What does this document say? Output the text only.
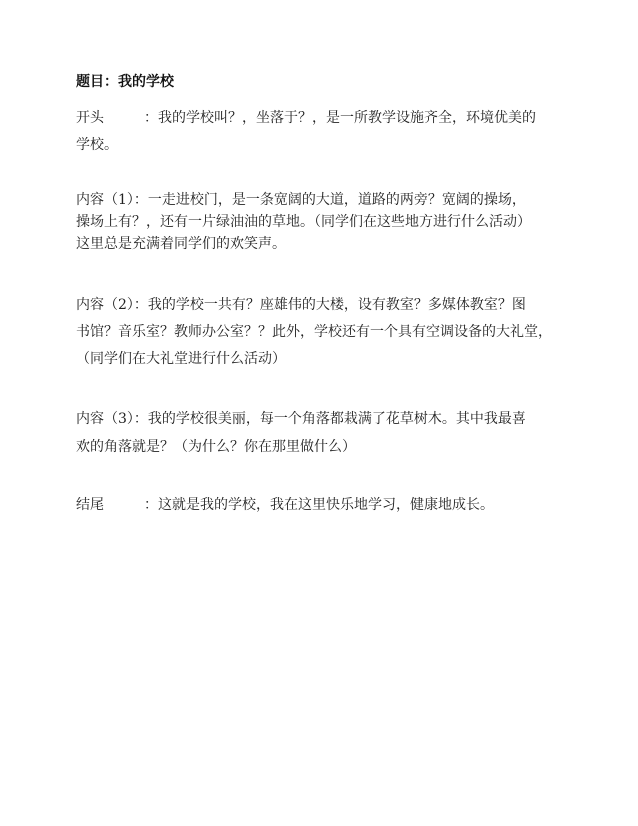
题目：我的学校
开头	：我的学校叫？，坐落于？，是一所教学设施齐全，环境优美的
学校。
内容（1）：一走进校门，是一条宽阔的大道，道路的两旁？宽阔的操场，
操场上有？，还有一片绿油油的草地。（同学们在这些地方进行什么活动）
这里总是充满着同学们的欢笑声。
内容（2）：我的学校一共有？座雄伟的大楼，设有教室？多媒体教室？图
书馆？音乐室？教师办公室？？此外，学校还有一个具有空调设备的大礼堂，
（同学们在大礼堂进行什么活动）
内容（3）：我的学校很美丽，每一个角落都栽满了花草树木。其中我最喜
欢的角落就是？（为什么？你在那里做什么）
结尾	：这就是我的学校，我在这里快乐地学习，健康地成长。
